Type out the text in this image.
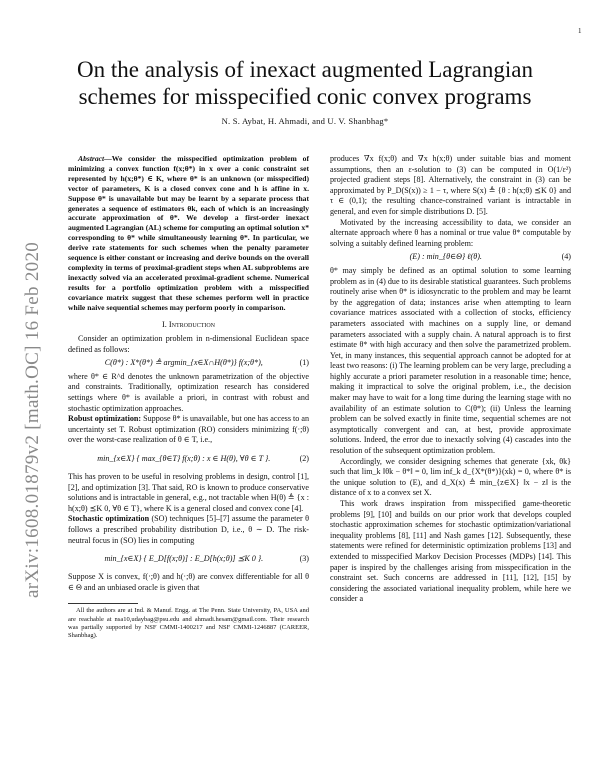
1
arXiv:1608.01879v2 [math.OC] 16 Feb 2020
On the analysis of inexact augmented Lagrangian
schemes for misspecified conic convex programs
N. S. Aybat, H. Ahmadi, and U. V. Shanbhag*

Abstract—We consider the misspecified optimization problem of minimizing a convex function f(x;θ*) in x over a conic constraint set represented by h(x;θ*) ∈ K, where θ* is an unknown (or misspecified) vector of parameters, K is a closed convex cone and h is affine in x. Suppose θ* is unavailable but may be learnt by a separate process that generates a sequence of estimators θk, each of which is an increasingly accurate approximation of θ*. We develop a first-order inexact augmented Lagrangian (AL) scheme for computing an optimal solution x* corresponding to θ* while simultaneously learning θ*. In particular, we derive rate statements for such schemes when the penalty parameter sequence is either constant or increasing and derive bounds on the overall complexity in terms of proximal-gradient steps when AL subproblems are inexactly solved via an accelerated proximal-gradient scheme. Numerical results for a portfolio optimization problem with a misspecified covariance matrix suggest that these schemes perform well in practice while naive sequential schemes may perform poorly in comparison.

I. Introduction

Consider an optimization problem in n-dimensional Euclidean space defined as follows:

C(θ*) : X*(θ*) ≜ argmin_{x∈X∩H(θ*)} f(x;θ*),	(1)

where θ* ∈ R^d denotes the unknown parametrization of the objective and constraints. Traditionally, optimization research has considered settings where θ* is available a priori, in contrast with robust and stochastic optimization approaches.

Robust optimization: Suppose θ* is unavailable, but one has access to an uncertainty set T. Robust optimization (RO) considers minimizing f(·;θ) over the worst-case realization of θ ∈ T, i.e.,

min_{x∈X} { max_{θ∈T} f(x;θ) : x ∈ H(θ), ∀θ ∈ T }.	(2)

This has proven to be useful in resolving problems in design, control [1], [2], and optimization [3]. That said, RO is known to produce conservative solutions and is intractable in general, e.g., not tractable when H(θ) ≜ {x : h(x;θ) ⪯K 0, ∀θ ∈ T}, where K is a general closed and convex cone [4].

Stochastic optimization (SO) techniques [5]–[7] assume the parameter θ follows a prescribed probability distribution D, i.e., θ ∼ D. The risk-neutral focus in (SO) lies in computing

min_{x∈X} { E_D[f(x;θ)] : E_D[h(x;θ)] ⪯K 0 }.	(3)

Suppose X is convex, f(·;θ) and h(·;θ) are convex differentiable for all θ ∈ Θ and an unbiased oracle is given that

All the authors are at Ind. & Manuf. Engg. at The Penn. State University, PA, USA and are reachable at nsa10,udaybag@psu.edu and ahmadi.hesam@gmail.com. Their research was partially supported by NSF CMMI-1400217 and NSF CMMI-1246887 (CAREER, Shanbhag).

produces ∇x f(x;θ) and ∇x h(x;θ) under suitable bias and moment assumptions, then an ε-solution to (3) can be computed in O(1/ε²) projected gradient steps [8]. Alternatively, the constraint in (3) can be approximated by P_D(S(x)) ≥ 1 − τ, where S(x) ≜ {θ : h(x;θ) ⪯K 0} and τ ∈ (0,1); the resulting chance-constrained variant is intractable in general, and even for simple distributions D. [5].

Motivated by the increasing accessibility to data, we consider an alternate approach where θ has a nominal or true value θ* computable by solving a suitably defined learning problem:

(E) : min_{θ∈Θ} ℓ(θ).	(4)

θ* may simply be defined as an optimal solution to some learning problem as in (4) due to its desirable statistical guarantees. Such problems routinely arise when θ* is idiosyncratic to the problem and may be learnt by the aggregation of data; instances arise when attempting to learn covariance matrices associated with a collection of stocks, efficiency parameters associated with machines on a supply line, or demand parameters associated with a supply chain. A natural approach is to first estimate θ* with high accuracy and then solve the parametrized problem. Yet, in many instances, this sequential approach cannot be adopted for at least two reasons: (i) The learning problem can be very large, precluding a highly accurate a priori parameter resolution in a reasonable time; hence, making it impractical to solve the original problem, i.e., the decision maker may have to wait for a long time during the learning stage with no availability of an estimate solution to C(θ*); (ii) Unless the learning problem can be solved exactly in finite time, sequential schemes are not asymptotically convergent and can, at best, provide approximate solutions. Indeed, the error due to inexactly solving (4) cascades into the resolution of the subsequent optimization problem.

Accordingly, we consider designing schemes that generate {xk, θk} such that lim_k ‖θk − θ*‖ = 0, lim inf_k d_{X*(θ*)}(xk) = 0, where θ* is the unique solution to (E), and d_X(x) ≜ min_{z∈X} ‖x − z‖ is the distance of x to a convex set X.

This work draws inspiration from misspecified game-theoretic problems [9], [10] and builds on our prior work that develops coupled stochastic approximation schemes for stochastic optimization/variational inequality problems [8], [11] and Nash games [12]. Subsequently, these statements were refined for deterministic optimization problems [13] and extended to misspecified Markov Decision Processes (MDPs) [14]. This paper is inspired by the challenges arising from misspecification in the constraint set. Such concerns are addressed in [11], [12], [15] by considering the associated variational inequality problem, while here we consider a
